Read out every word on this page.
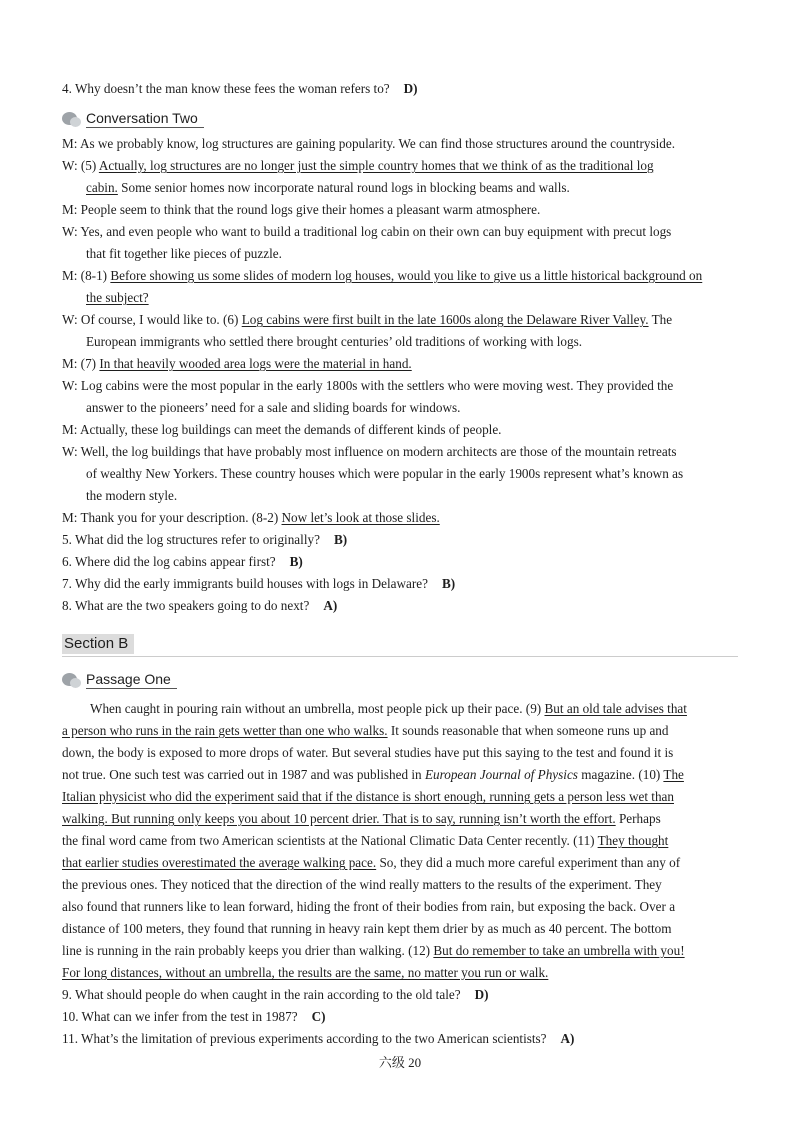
4. Why doesn’t the man know these fees the woman refers to? D)
Conversation Two
M: As we probably know, log structures are gaining popularity. We can find those structures around the countryside.
W: (5) Actually, log structures are no longer just the simple country homes that we think of as the traditional log
cabin. Some senior homes now incorporate natural round logs in blocking beams and walls.
M: People seem to think that the round logs give their homes a pleasant warm atmosphere.
W: Yes, and even people who want to build a traditional log cabin on their own can buy equipment with precut logs
that fit together like pieces of puzzle.
M: (8-1) Before showing us some slides of modern log houses, would you like to give us a little historical background on
the subject?
W: Of course, I would like to. (6) Log cabins were first built in the late 1600s along the Delaware River Valley. The
European immigrants who settled there brought centuries’ old traditions of working with logs.
M: (7) In that heavily wooded area logs were the material in hand.
W: Log cabins were the most popular in the early 1800s with the settlers who were moving west. They provided the
answer to the pioneers’ need for a sale and sliding boards for windows.
M: Actually, these log buildings can meet the demands of different kinds of people.
W: Well, the log buildings that have probably most influence on modern architects are those of the mountain retreats
of wealthy New Yorkers. These country houses which were popular in the early 1900s represent what’s known as
the modern style.
M: Thank you for your description. (8-2) Now let’s look at those slides.
5. What did the log structures refer to originally? B)
6. Where did the log cabins appear first? B)
7. Why did the early immigrants build houses with logs in Delaware? B)
8. What are the two speakers going to do next? A)
Section B
Passage One
When caught in pouring rain without an umbrella, most people pick up their pace. (9) But an old tale advises that
a person who runs in the rain gets wetter than one who walks. It sounds reasonable that when someone runs up and
down, the body is exposed to more drops of water. But several studies have put this saying to the test and found it is
not true. One such test was carried out in 1987 and was published in European Journal of Physics magazine. (10) The
Italian physicist who did the experiment said that if the distance is short enough, running gets a person less wet than
walking. But running only keeps you about 10 percent drier. That is to say, running isn’t worth the effort. Perhaps
the final word came from two American scientists at the National Climatic Data Center recently. (11) They thought
that earlier studies overestimated the average walking pace. So, they did a much more careful experiment than any of
the previous ones. They noticed that the direction of the wind really matters to the results of the experiment. They
also found that runners like to lean forward, hiding the front of their bodies from rain, but exposing the back. Over a
distance of 100 meters, they found that running in heavy rain kept them drier by as much as 40 percent. The bottom
line is running in the rain probably keeps you drier than walking. (12) But do remember to take an umbrella with you!
For long distances, without an umbrella, the results are the same, no matter you run or walk.
9. What should people do when caught in the rain according to the old tale? D)
10. What can we infer from the test in 1987? C)
11. What’s the limitation of previous experiments according to the two American scientists? A)
六级 20
